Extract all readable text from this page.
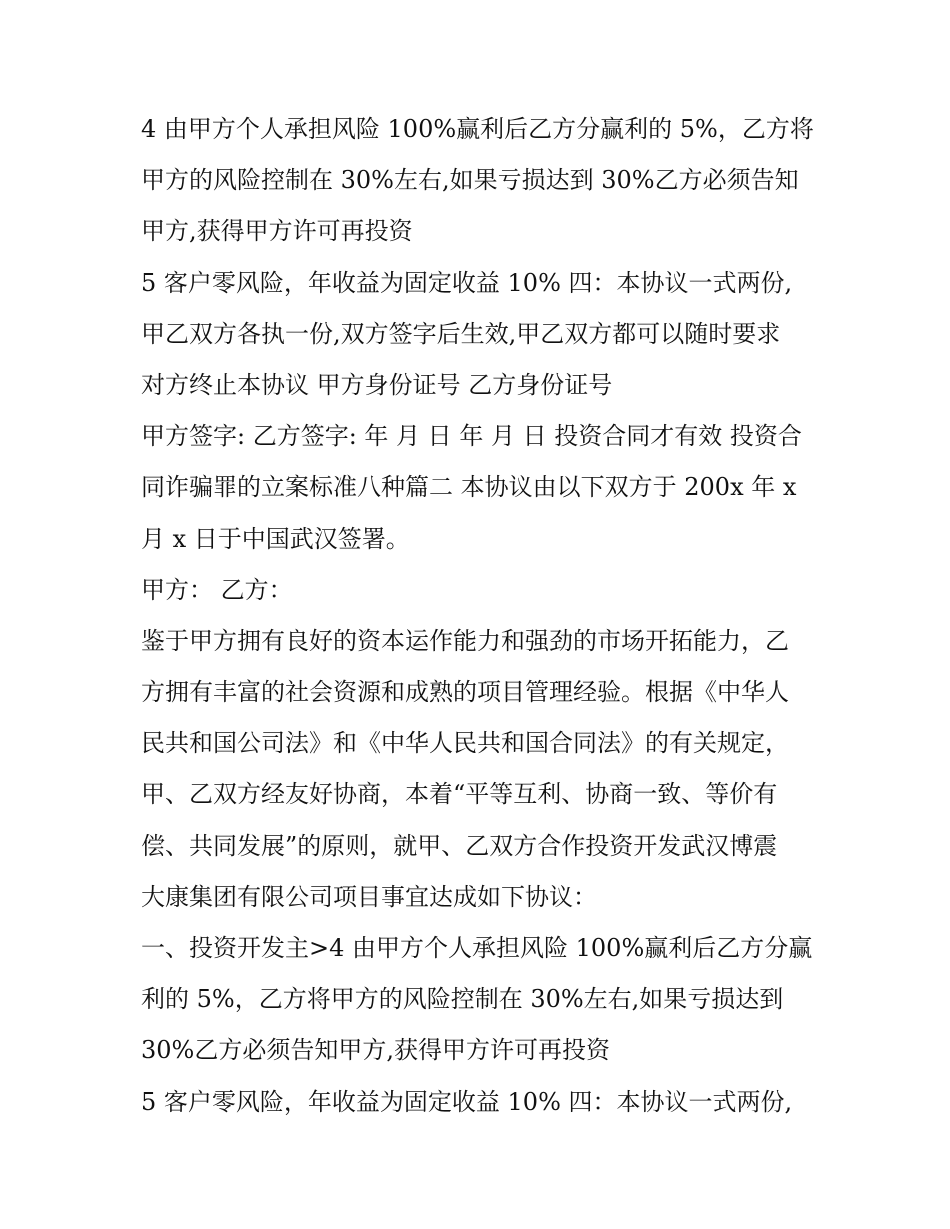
4 由甲方个人承担风险 100%赢利后乙方分赢利的 5%，乙方将
甲方的风险控制在 30%左右,如果亏损达到 30%乙方必须告知
甲方,获得甲方许可再投资
5 客户零风险，年收益为固定收益 10% 四：本协议一式两份,
甲乙双方各执一份,双方签字后生效,甲乙双方都可以随时要求
对方终止本协议 甲方身份证号 乙方身份证号
甲方签字: 乙方签字: 年 月 日 年 月 日 投资合同才有效 投资合
同诈骗罪的立案标准八种篇二 本协议由以下双方于 200x 年 x
月 x 日于中国武汉签署。
甲方： 乙方：
鉴于甲方拥有良好的资本运作能力和强劲的市场开拓能力，乙
方拥有丰富的社会资源和成熟的项目管理经验。根据《中华人
民共和国公司法》和《中华人民共和国合同法》的有关规定，
甲、乙双方经友好协商，本着“平等互利、协商一致、等价有
偿、共同发展”的原则，就甲、乙双方合作投资开发武汉博震
大康集团有限公司项目事宜达成如下协议：
一、投资开发主>4 由甲方个人承担风险 100%赢利后乙方分赢
利的 5%，乙方将甲方的风险控制在 30%左右,如果亏损达到
30%乙方必须告知甲方,获得甲方许可再投资
5 客户零风险，年收益为固定收益 10% 四：本协议一式两份,
